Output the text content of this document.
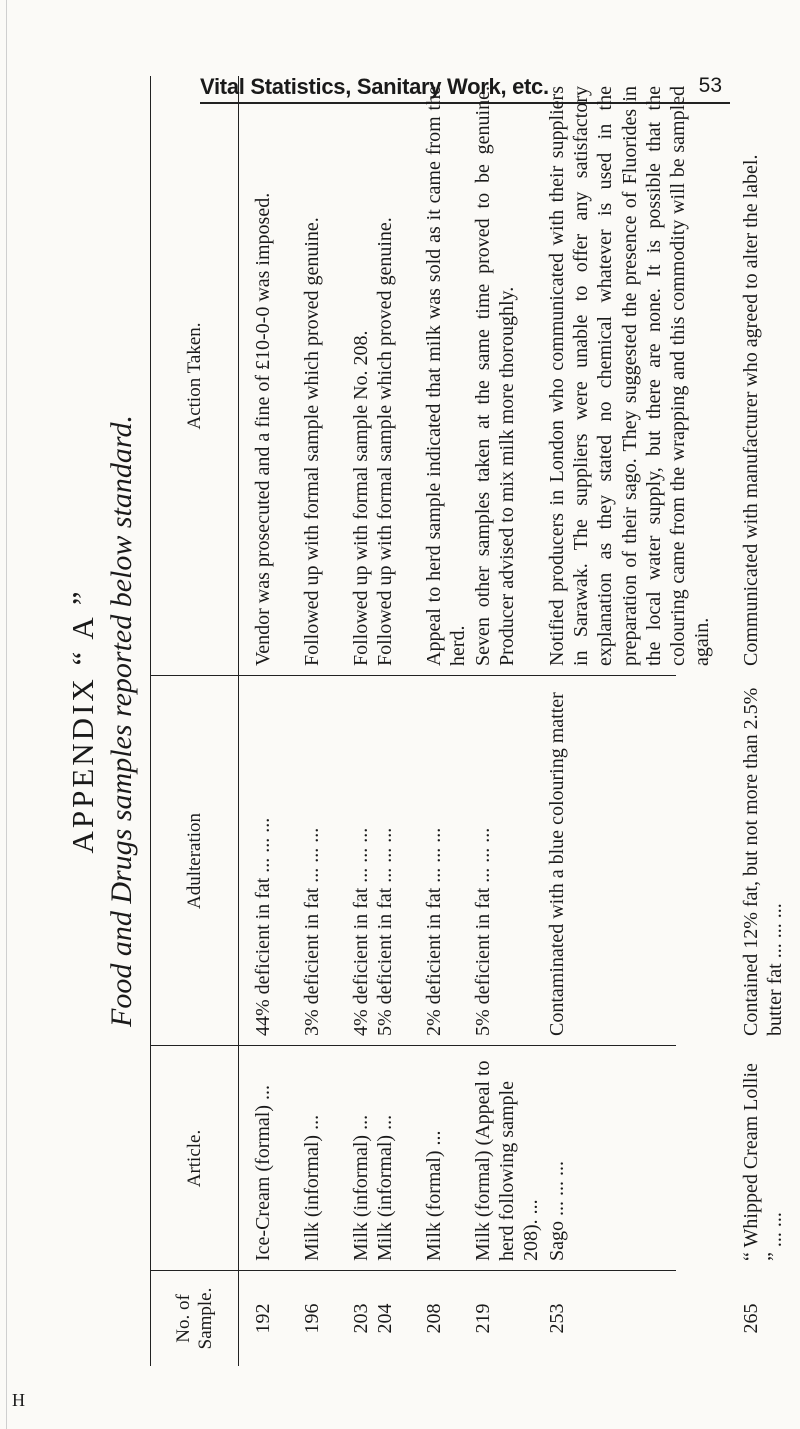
Vital Statistics, Sanitary Work, etc.	53
APPENDIX “ A ” Food and Drugs samples reported below standard.
No. of Sample.
Article.
Adulteration
Action Taken.
192
Ice-Cream (formal) ...
44% deficient in fat ... ... ...
Vendor was prosecuted and a fine of £10-0-0 was imposed.
196
Milk (informal) ...
3% deficient in fat ... ... ...
Followed up with formal sample which proved genuine.
203
Milk (informal) ...
4% deficient in fat ... ... ...
Followed up with formal sample No. 208.
204
Milk (informal) ...
5% deficient in fat ... ... ...
Followed up with formal sample which proved genuine.
208
Milk (formal) ...
2% deficient in fat ... ... ...
Appeal to herd sample indicated that milk was sold as it came from the herd.
219
Milk (formal) (Appeal to herd following sample 208). ...
5% deficient in fat ... ... ...
Seven other samples taken at the same time proved to be genuine. Producer advised to mix milk more thoroughly.
253
Sago ... ... ...
Contaminated with a blue colouring matter
Notified producers in London who communicated with their suppliers in Sarawak. The suppliers were unable to offer any satisfactory explanation as they stated no chemical whatever is used in the preparation of their sago. They suggested the presence of Fluorides in the local water supply, but there are none. It is possible that the colouring came from the wrapping and this commodity will be sampled again.
265
“ Whipped Cream Lollie ” ... ...
Contained 12% fat, but not more than 2.5% butter fat ... ... ...
Communicated with manufacturer who agreed to alter the label.
H
